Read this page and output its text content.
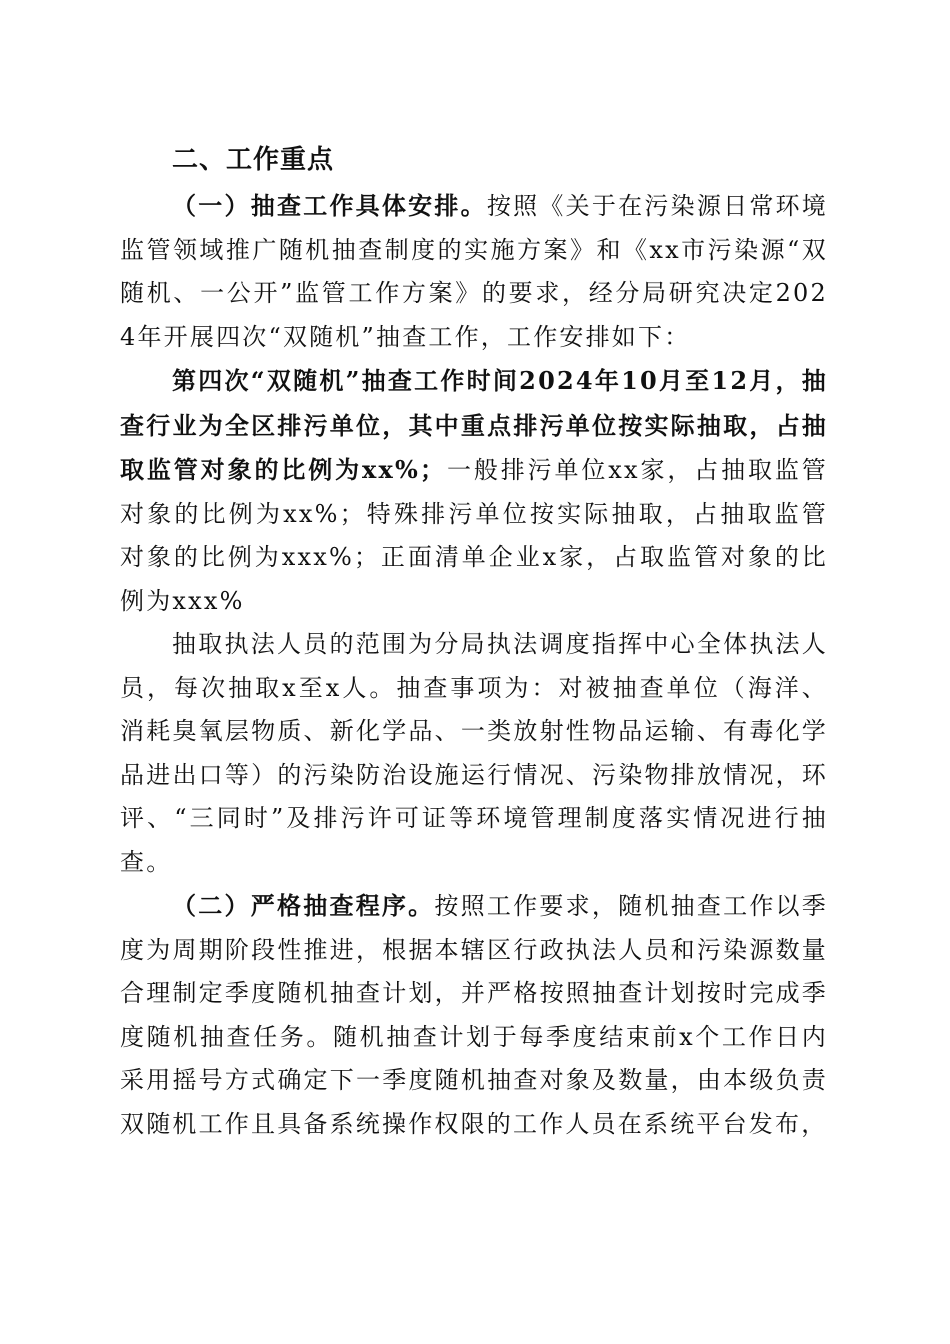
二、工作重点

（一）抽查工作具体安排。按照《关于在污染源日常环境监管领域推广随机抽查制度的实施方案》和《xx市污染源“双随机、一公开”监管工作方案》的要求，经分局研究决定2024年开展四次“双随机”抽查工作，工作安排如下：

第四次“双随机”抽查工作时间2024年10月至12月，抽查行业为全区排污单位，其中重点排污单位按实际抽取，占抽取监管对象的比例为xx%；一般排污单位xx家，占抽取监管对象的比例为xx%；特殊排污单位按实际抽取，占抽取监管对象的比例为xxx%；正面清单企业x家，占取监管对象的比例为xxx%

抽取执法人员的范围为分局执法调度指挥中心全体执法人员，每次抽取x至x人。抽查事项为：对被抽查单位（海洋、消耗臭氧层物质、新化学品、一类放射性物品运输、有毒化学品进出口等）的污染防治设施运行情况、污染物排放情况，环评、“三同时”及排污许可证等环境管理制度落实情况进行抽查。

（二）严格抽查程序。按照工作要求，随机抽查工作以季度为周期阶段性推进，根据本辖区行政执法人员和污染源数量合理制定季度随机抽查计划，并严格按照抽查计划按时完成季度随机抽查任务。随机抽查计划于每季度结束前x个工作日内采用摇号方式确定下一季度随机抽查对象及数量，由本级负责双随机工作且具备系统操作权限的工作人员在系统平台发布，
